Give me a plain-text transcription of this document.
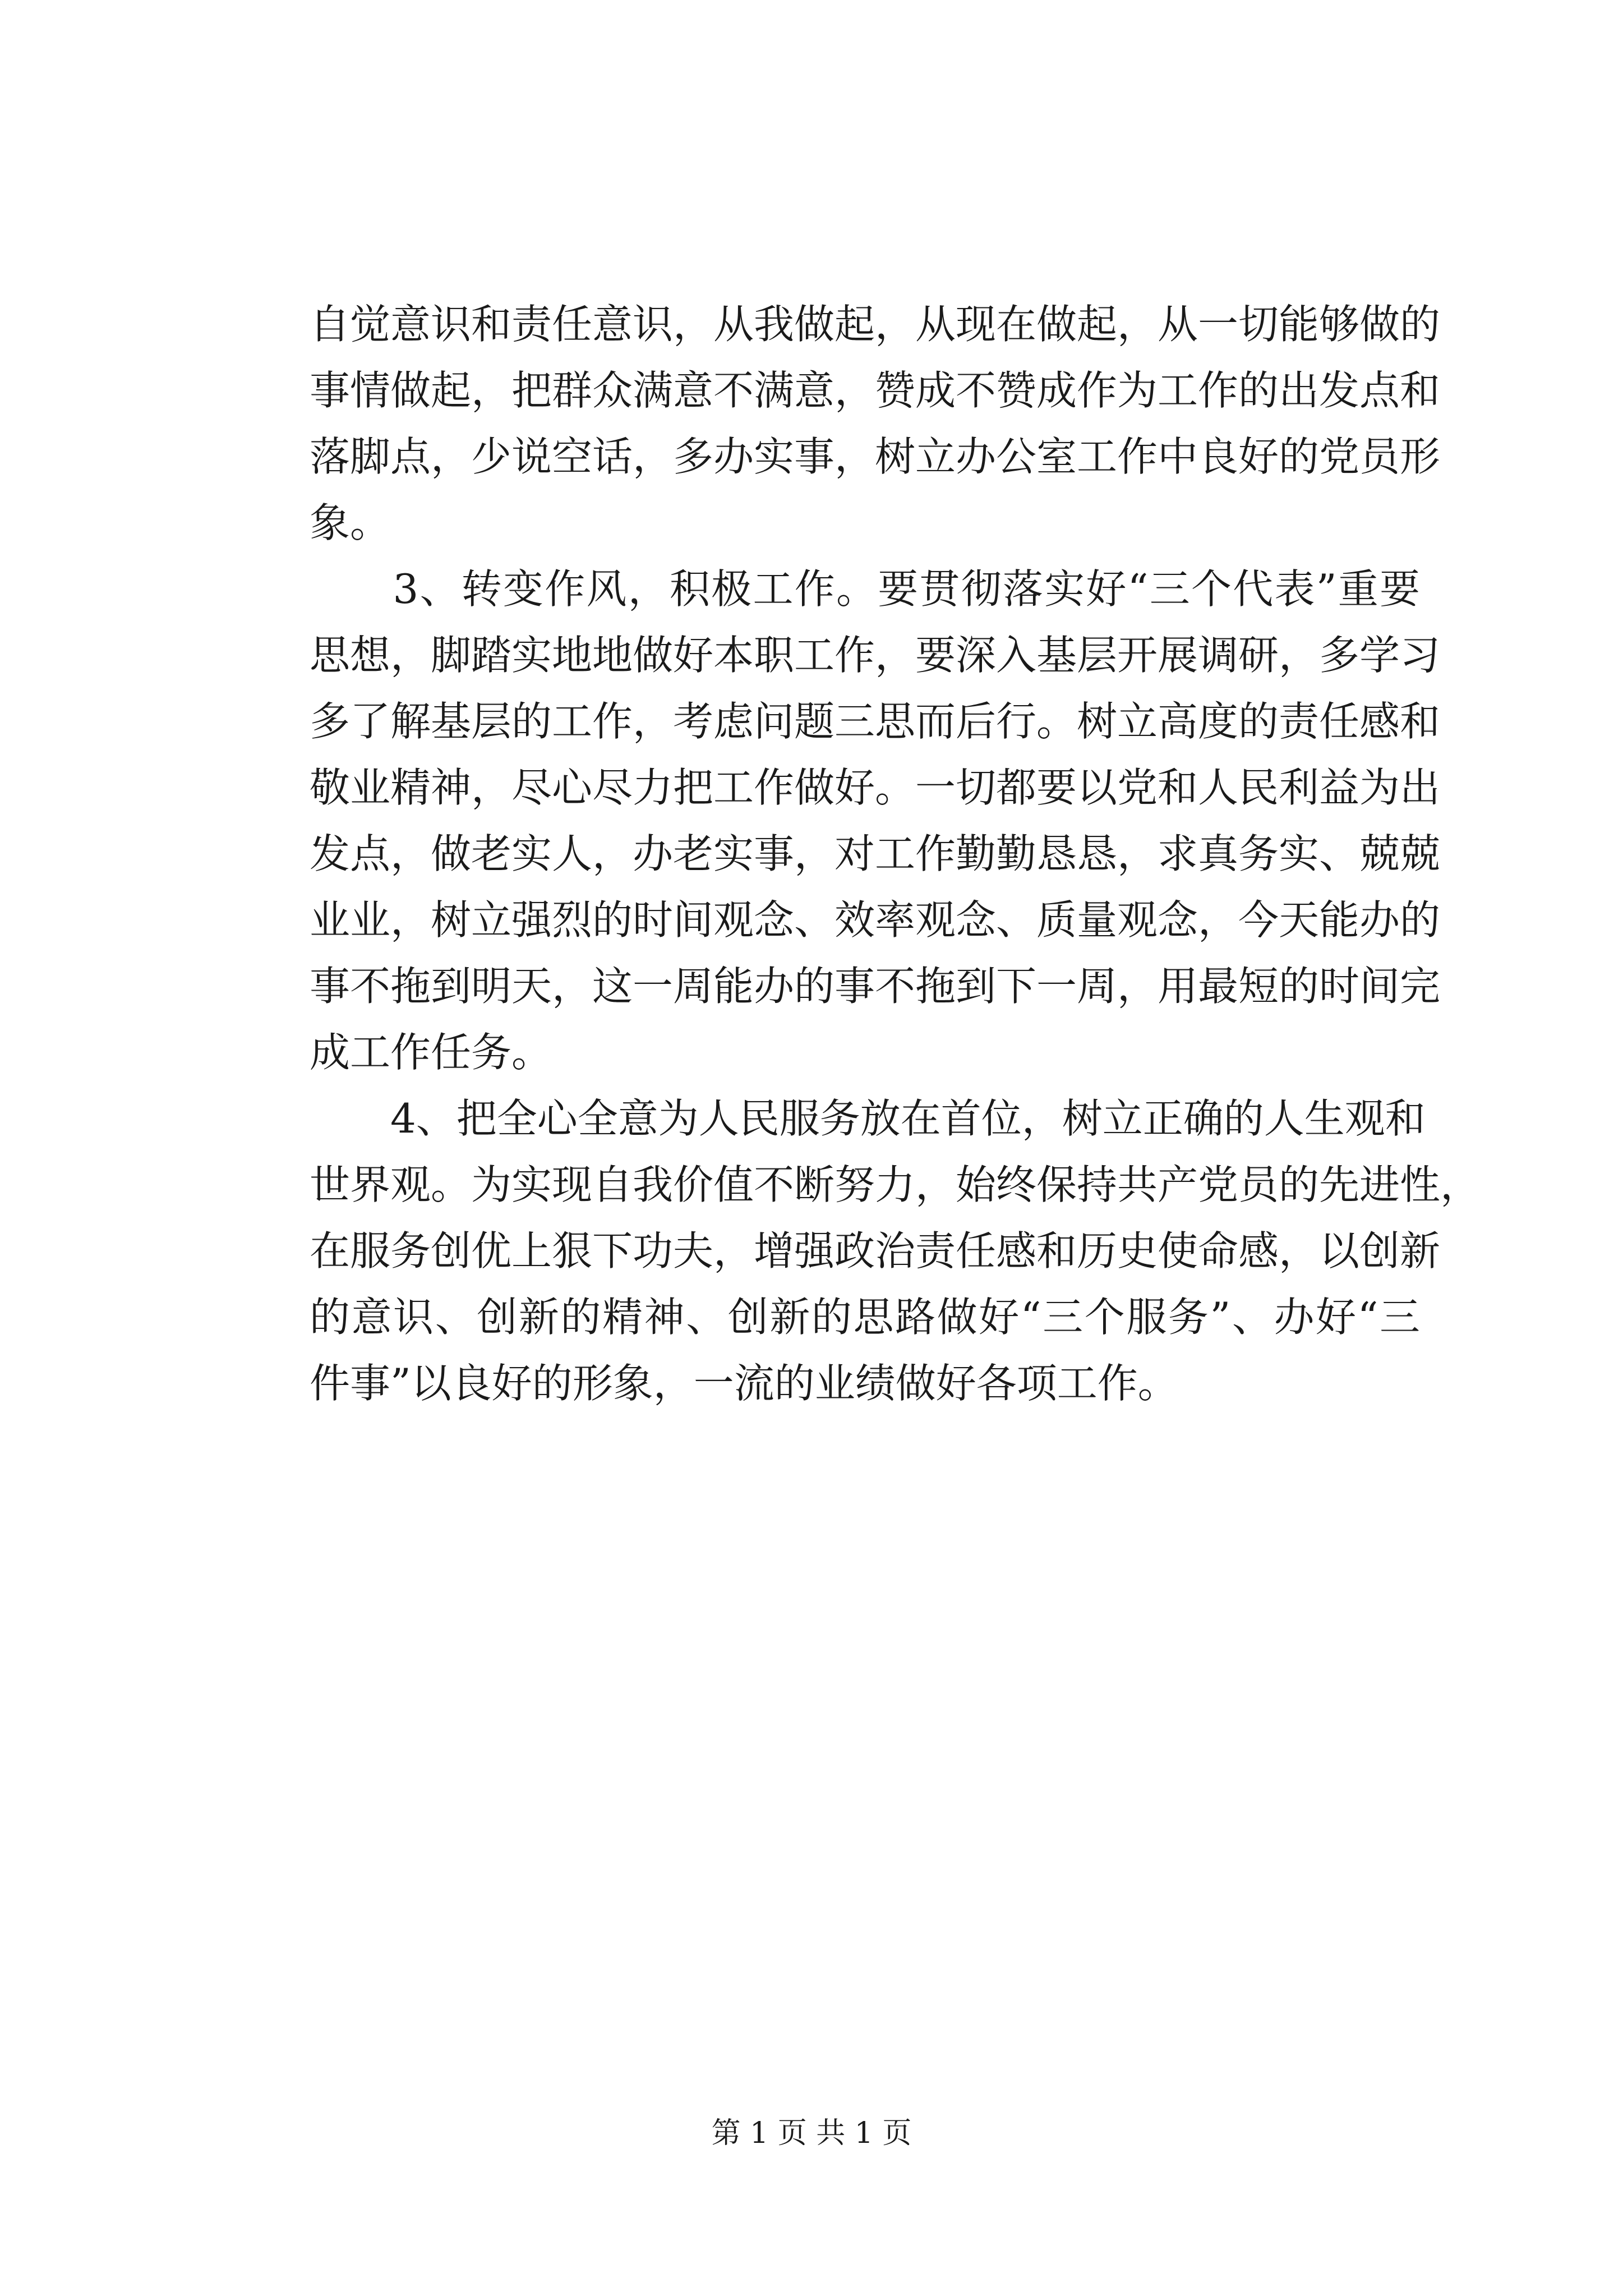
自觉意识和责任意识，从我做起，从现在做起，从一切能够做的
事情做起，把群众满意不满意，赞成不赞成作为工作的出发点和
落脚点，少说空话，多办实事，树立办公室工作中良好的党员形
象。
　　3、转变作风，积极工作。要贯彻落实好“三个代表”重要
思想，脚踏实地地做好本职工作，要深入基层开展调研，多学习
多了解基层的工作，考虑问题三思而后行。树立高度的责任感和
敬业精神，尽心尽力把工作做好。一切都要以党和人民利益为出
发点，做老实人，办老实事，对工作勤勤恳恳，求真务实、兢兢
业业，树立强烈的时间观念、效率观念、质量观念，今天能办的
事不拖到明天，这一周能办的事不拖到下一周，用最短的时间完
成工作任务。
　　4、把全心全意为人民服务放在首位，树立正确的人生观和
世界观。为实现自我价值不断努力，始终保持共产党员的先进性，
在服务创优上狠下功夫，增强政治责任感和历史使命感，以创新
的意识、创新的精神、创新的思路做好“三个服务”、办好“三
件事”以良好的形象，一流的业绩做好各项工作。
第 1 页 共 1 页
